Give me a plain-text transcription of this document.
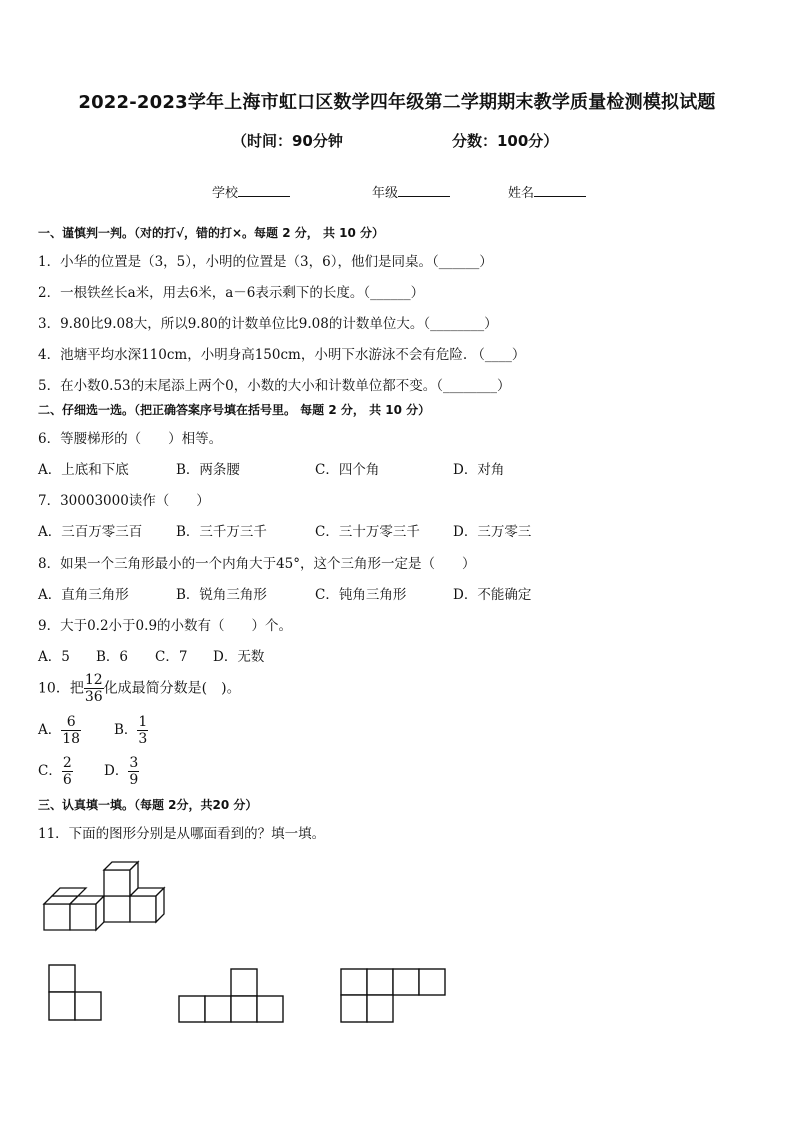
2022-2023学年上海市虹口区数学四年级第二学期期末教学质量检测模拟试题
（时间：90分钟	分数：100分）
学校	年级	姓名
一、谨慎判一判。（对的打√，错的打×。每题 2 分， 共 10 分）
1．小华的位置是（3，5），小明的位置是（3，6），他们是同桌。（______）
2．一根铁丝长a米，用去6米，a－6表示剩下的长度。（______）
3．9.80比9.08大，所以9.80的计数单位比9.08的计数单位大。（________）
4．池塘平均水深110cm，小明身高150cm，小明下水游泳不会有危险. （____）
5．在小数0.53的末尾添上两个0，小数的大小和计数单位都不变。（________）
二、仔细选一选。（把正确答案序号填在括号里。 每题 2 分， 共 10 分）
6．等腰梯形的（　　）相等。
A．上底和下底	B．两条腰	C．四个角	D．对角
7．30003000读作（　　）
A．三百万零三百	B．三千万三千	C．三十万零三千 D．三万零三
8．如果一个三角形最小的一个内角大于45°，这个三角形一定是（　　）
A．直角三角形	B．锐角三角形	C．钝角三角形	D．不能确定
9．大于0.2小于0.9的小数有（　　）个。
A．5 B．6 C．7 D．无数
10．把 $\frac{12}{36}$ 化成最简分数是(　)。
A． $\frac{6}{18}$ B． $\frac{1}{3}$
C． $\frac{2}{6}$ D． $\frac{3}{9}$
三、认真填一填。（每题 2分，共20 分）
11．下面的图形分别是从哪面看到的？填一填。
